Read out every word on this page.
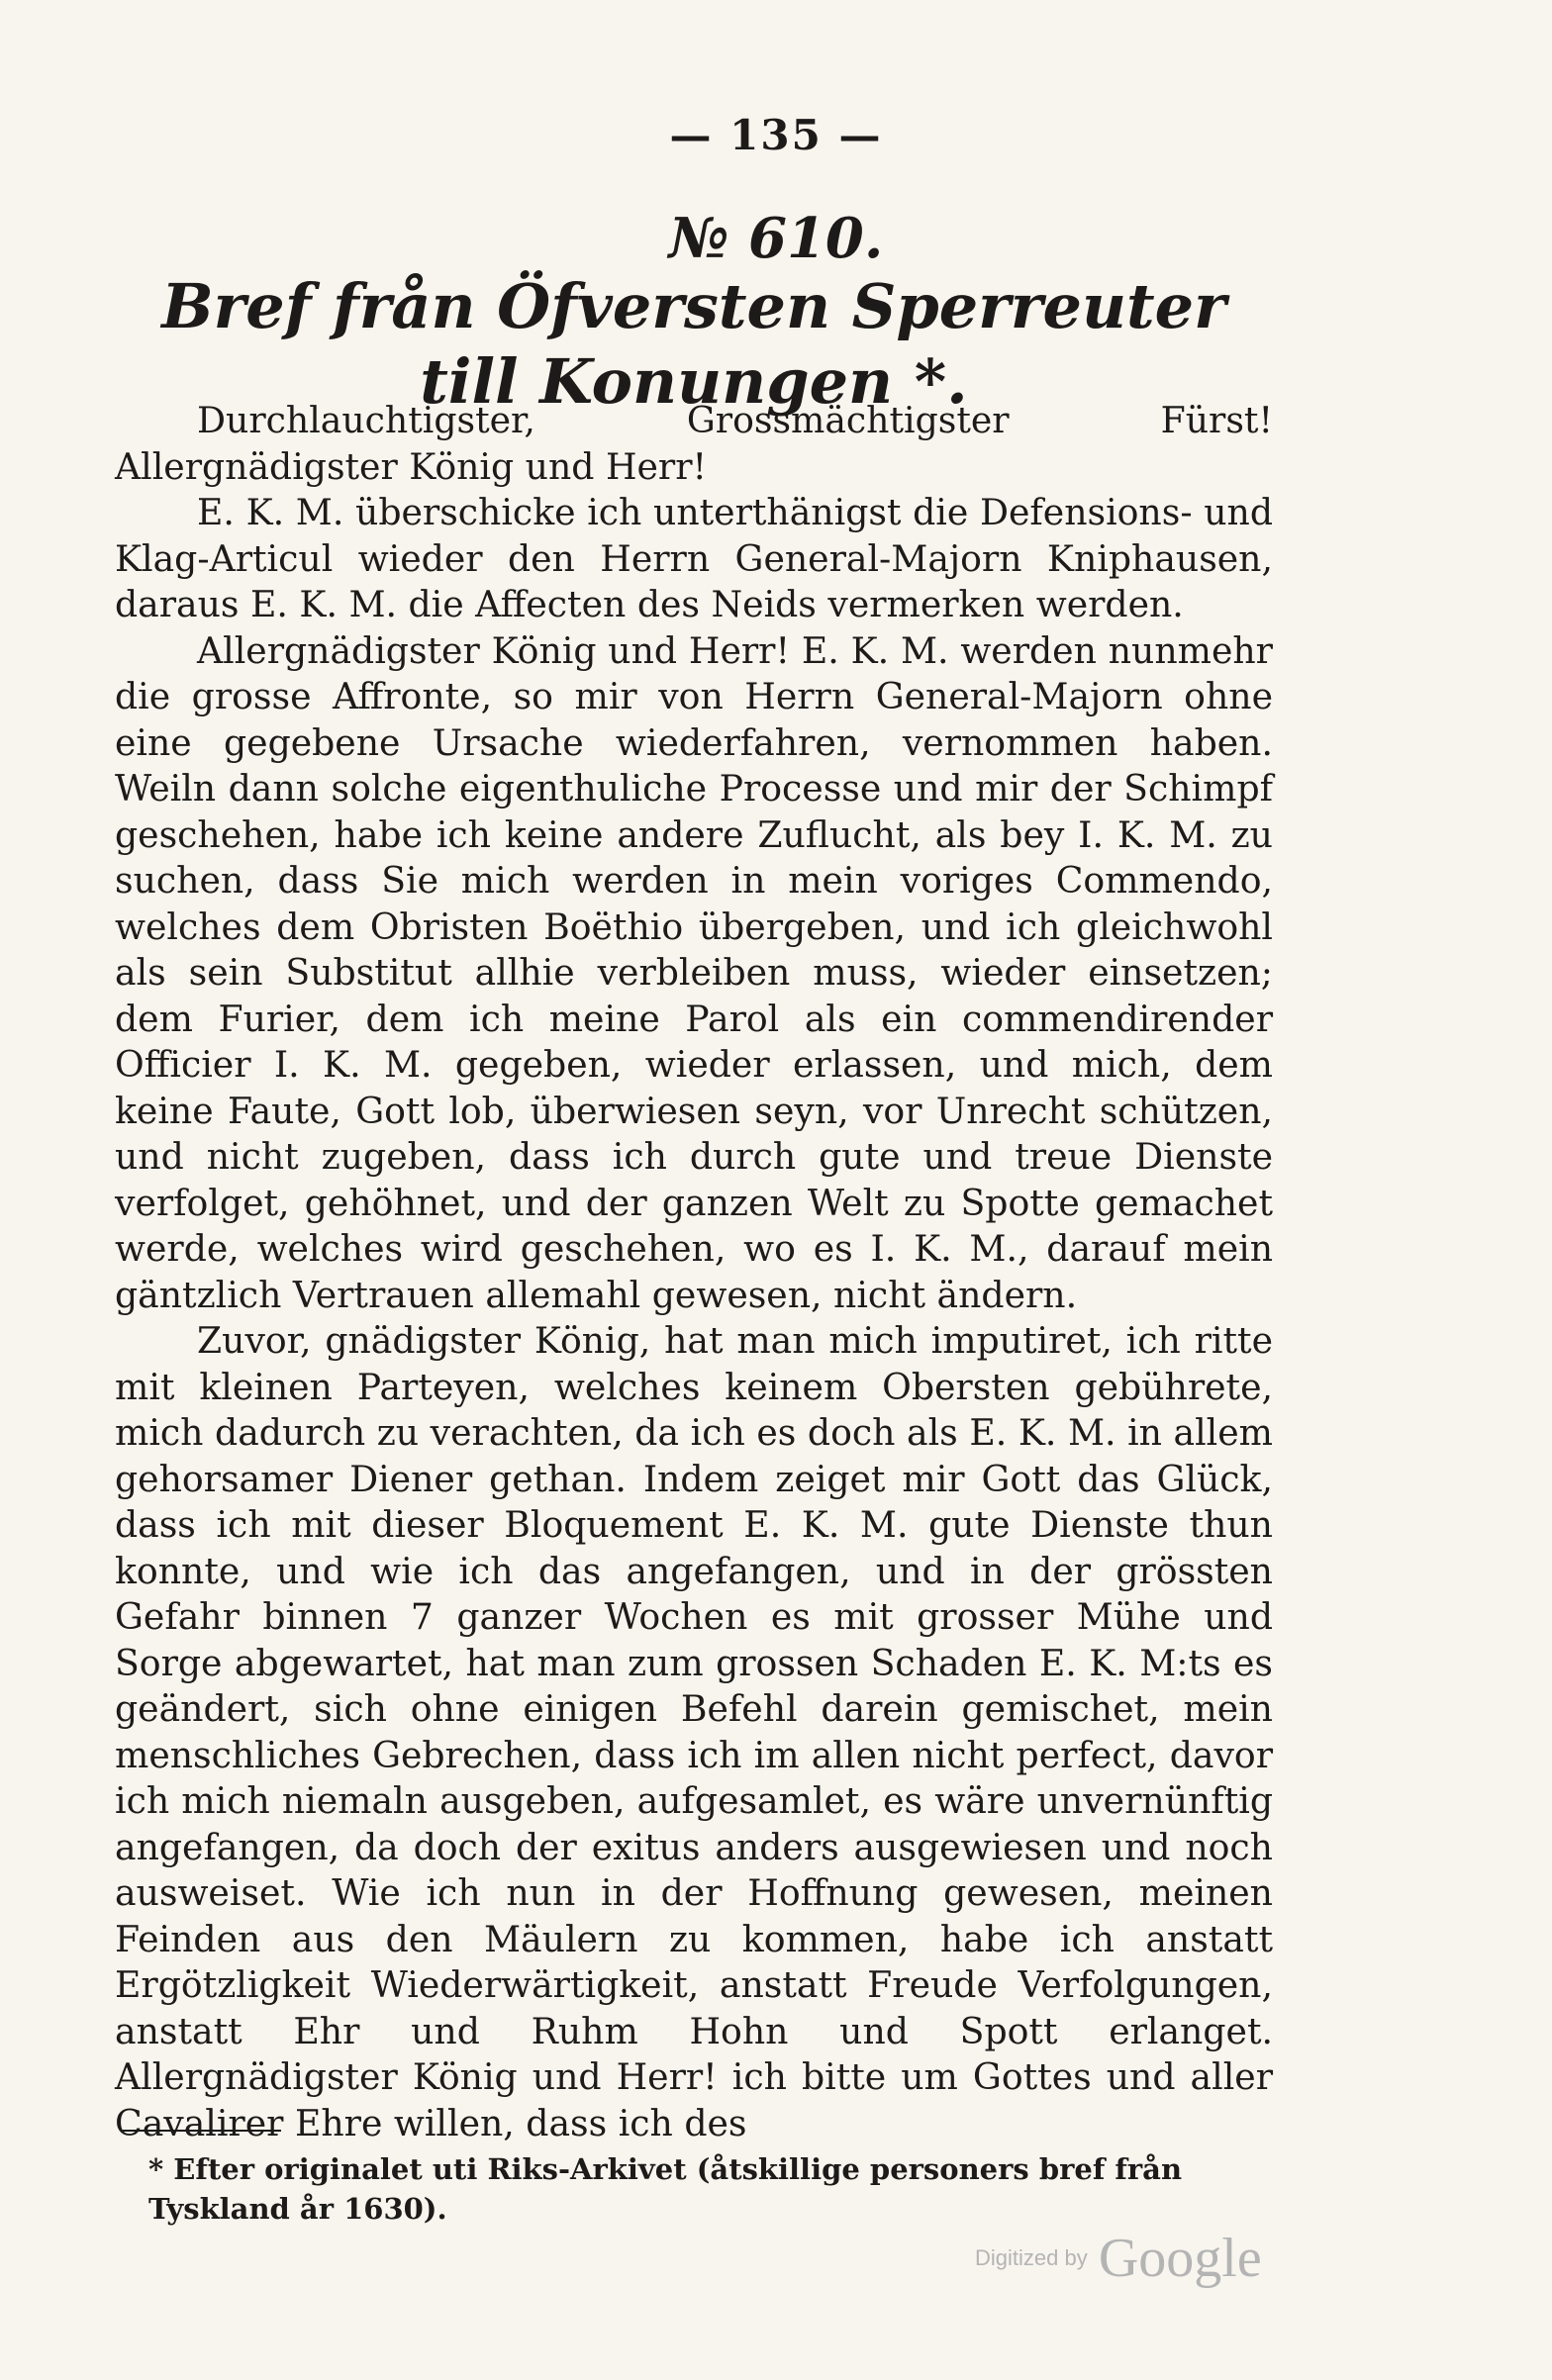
— 135 —
№ 610.
Bref från Öfversten Sperreuter till Konungen *.

Durchlauchtigster, Grossmächtigster Fürst! Allergnädigster König und Herr!

E. K. M. überschicke ich unterthänigst die Defensions- und Klag-Articul wieder den Herrn General-Majorn Kniphausen, daraus E. K. M. die Affecten des Neids vermerken werden.

Allergnädigster König und Herr! E. K. M. werden nunmehr die grosse Affronte, so mir von Herrn General-Majorn ohne eine gegebene Ursache wiederfahren, vernommen haben. Weiln dann solche eigenthuliche Processe und mir der Schimpf geschehen, habe ich keine andere Zuflucht, als bey I. K. M. zu suchen, dass Sie mich werden in mein voriges Commendo, welches dem Obristen Boëthio übergeben, und ich gleichwohl als sein Substitut allhie verbleiben muss, wieder einsetzen; dem Furier, dem ich meine Parol als ein commendirender Officier I. K. M. gegeben, wieder erlassen, und mich, dem keine Faute, Gott lob, überwiesen seyn, vor Unrecht schützen, und nicht zugeben, dass ich durch gute und treue Dienste verfolget, gehöhnet, und der ganzen Welt zu Spotte gemachet werde, welches wird geschehen, wo es I. K. M., darauf mein gäntzlich Vertrauen allemahl gewesen, nicht ändern.

Zuvor, gnädigster König, hat man mich imputiret, ich ritte mit kleinen Parteyen, welches keinem Obersten gebührete, mich dadurch zu verachten, da ich es doch als E. K. M. in allem gehorsamer Diener gethan. Indem zeiget mir Gott das Glück, dass ich mit dieser Bloquement E. K. M. gute Dienste thun konnte, und wie ich das angefangen, und in der grössten Gefahr binnen 7 ganzer Wochen es mit grosser Mühe und Sorge abgewartet, hat man zum grossen Schaden E. K. M:ts es geändert, sich ohne einigen Befehl darein gemischet, mein menschliches Gebrechen, dass ich im allen nicht perfect, davor ich mich niemaln ausgeben, aufgesamlet, es wäre unvernünftig angefangen, da doch der exitus anders ausgewiesen und noch ausweiset. Wie ich nun in der Hoffnung gewesen, meinen Feinden aus den Mäulern zu kommen, habe ich anstatt Ergötzligkeit Wiederwärtigkeit, anstatt Freude Verfolgungen, anstatt Ehr und Ruhm Hohn und Spott erlanget. Allergnädigster König und Herr! ich bitte um Gottes und aller Cavalirer Ehre willen, dass ich des

* Efter originalet uti Riks-Arkivet (åtskillige personers bref från Tyskland år 1630).
Digitized by Google
